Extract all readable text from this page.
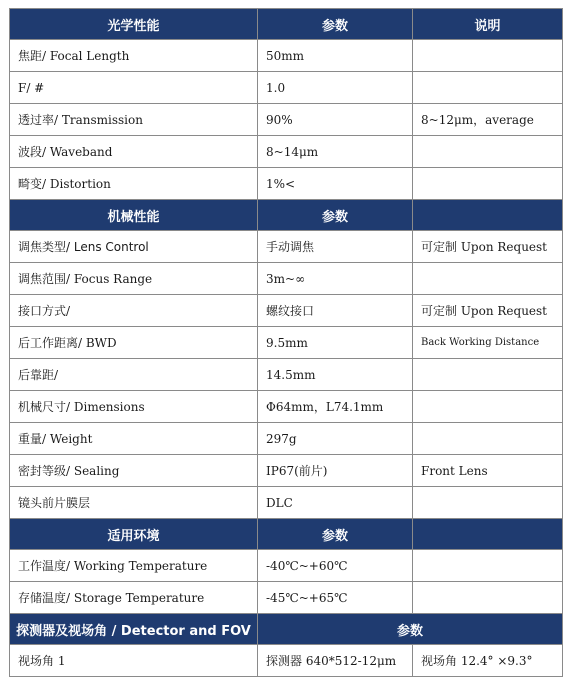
光学性能	参数	说明
焦距/ Focal Length	50mm	
F/ #	1.0	
透过率/ Transmission	90%	8~12μm，average
波段/ Waveband	8~14μm	
畸变/ Distortion	1%<	
机械性能	参数	
调焦类型/ Lens Control	手动调焦	可定制 Upon Request
调焦范围/ Focus Range	3m~∞	
接口方式/	螺纹接口	可定制 Upon Request
后工作距离/ BWD	9.5mm	Back Working Distance
后靠距/	14.5mm	
机械尺寸/ Dimensions	Φ64mm，L74.1mm	
重量/ Weight	297g	
密封等级/ Sealing	IP67(前片)	Front Lens
镜头前片膜层	DLC	
适用环境	参数	
工作温度/ Working Temperature	-40℃~+60℃	
存储温度/ Storage Temperature	-45℃~+65℃	
探测器及视场角 / Detector and FOV	参数	
视场角 1	探测器 640*512-12μm	视场角 12.4° ×9.3°
